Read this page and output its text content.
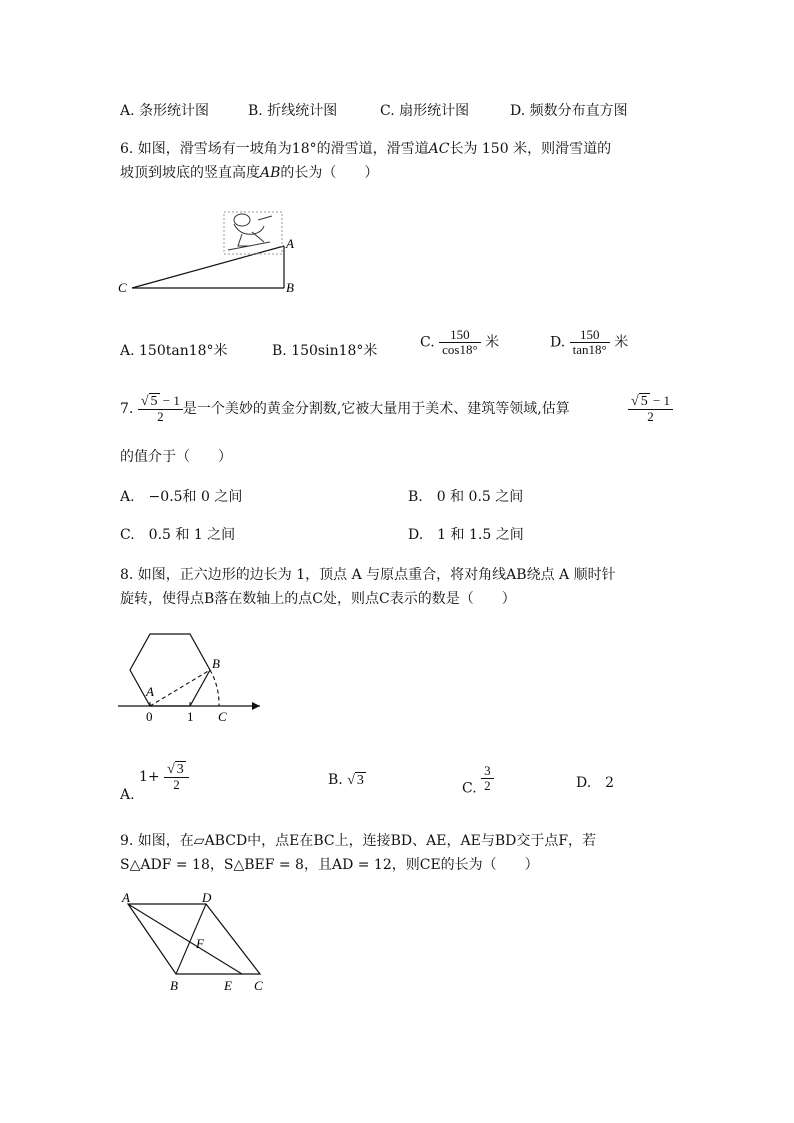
A. 条形统计图	B. 折线统计图	C. 扇形统计图	D. 频数分布直方图
6. 如图，滑雪场有一坡角为18°的滑雪道，滑雪道AC长为 150 米，则滑雪道的
坡顶到坡底的竖直高度AB的长为（　　）
A
B
C
A. 150tan18°米	B. 150sin18°米
C. $\frac{150}{\cos 18^\circ}$ 米	D. $\frac{150}{\tan 18^\circ}$ 米
7. $\frac{√ 5 - 1}{2}$ 是一个美妙的黄金分割数,它被大量用于美术、建筑等领域,估算	$\frac{√ 5 - 1}{2}$
的值介于（　　）
A.　−0.5和 0 之间	B.　0 和 0.5 之间
C.　0.5 和 1 之间	D.　1 和 1.5 之间
8. 如图，正六边形的边长为 1，顶点 A 与原点重合，将对角线AB绕点 A 顺时针
旋转，使得点B落在数轴上的点C处，则点C表示的数是（　　）
B
A
0	1 C
A. $1+ \frac{√ 3}{2}$	B. √ 3	C. $\frac{3}{2}$	D.　2
9. 如图，在▱ABCD中，点E在BC上，连接BD、AE，AE与BD交于点F，若
S△ADF = 18，S△BEF = 8，且AD = 12，则CE的长为（　　）
A	D
F
B	E C
